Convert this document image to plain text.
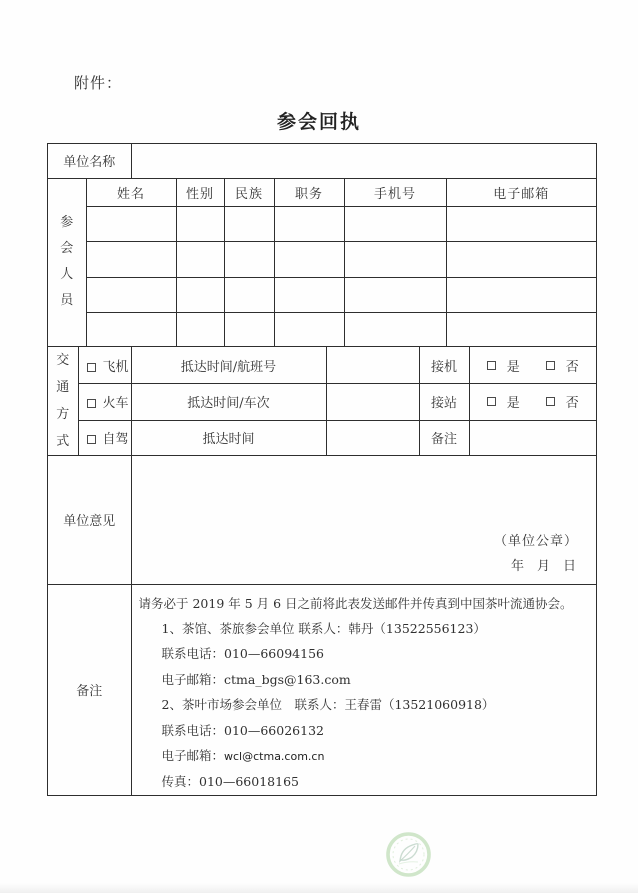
附件：
参会回执
单位名称	
参会人员	姓名	性别	民族	职务	手机号	电子邮箱

交通方式	飞机	抵达时间/航班号		接机	是 否

	火车	抵达时间/车次		接站	是 否

	自驾	抵达时间		备注	
单位意见	
（单位公章）
年　月　日
备注	
请务必于 2019 年 5 月 6 日之前将此表发送邮件并传真到中国茶叶流通协会。
1、茶馆、茶旅参会单位 联系人：韩丹（13522556123）
联系电话：010—66094156
电子邮箱：ctma_bgs@163.com
2、茶叶市场参会单位　联系人：王春雷（13521060918）
联系电话：010—66026132
电子邮箱：wcl@ctma.com.cn
传真：010—66018165
